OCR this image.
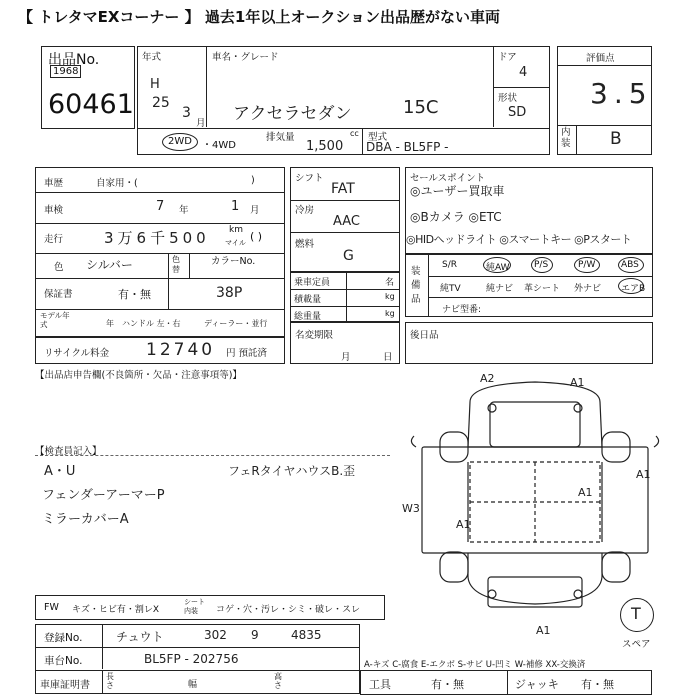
【 トレタマEXコーナー 】 過去1年以上オークション出品歴がない車両
出品No.
1968
60461
年式
H
25
3
月
車名・グレード
アクセラセダン	15C
ドア
4
形状
SD
2WD ・4WD
排気量	cc
1,500
型式
DBA - BL5FP -
評価点
3.5
内装 B
車歴	自家用・(	)
車検	7 年	1 月
走行	3万6千500 km
マイル ( )
色 シルバー	色替
カラーNo.
保証書	有・無	38P
モデル年式	年 ハンドル 左・右	ディーラー・並行
リサイクル料金 12740 円 預託済
シフト
FAT
冷房
AAC
燃料
G
乗車定員	名
積載量	kg
総重量	kg
名変期限
月	日
セールスポイント
◎ユーザー買取車
◎Bカメラ ◎ETC
◎HIDヘッドライト ◎スマートキー ◎Pスタート
装備品
S/R	純AW	P/S	P/W	ABS
純TV	純ナビ 革シート 外ナビ エアB
ナビ型番:
後日品
【出品店申告欄(不良箇所・欠品・注意事項等)】
【検査員記入】
A・U
フェンダーアーマーP
ミラーカバーA
フェRタイヤハウスB.歪
A2	A1
A1
W3
A1
A1
A1
T
スペア
FW キズ・ヒビ有・割レX
シート内装	コゲ・穴・汚レ・シミ・破レ・スレ
登録No.	チュウト	302 9	4835
車台No.	BL5FP - 202756
車庫証明書
長さ	幅
高さ
A-キズ C-腐食 E-エクボ S-サビ U-凹ミ W-補修 XX-交換済
工具	有・無	ジャッキ 有・無
